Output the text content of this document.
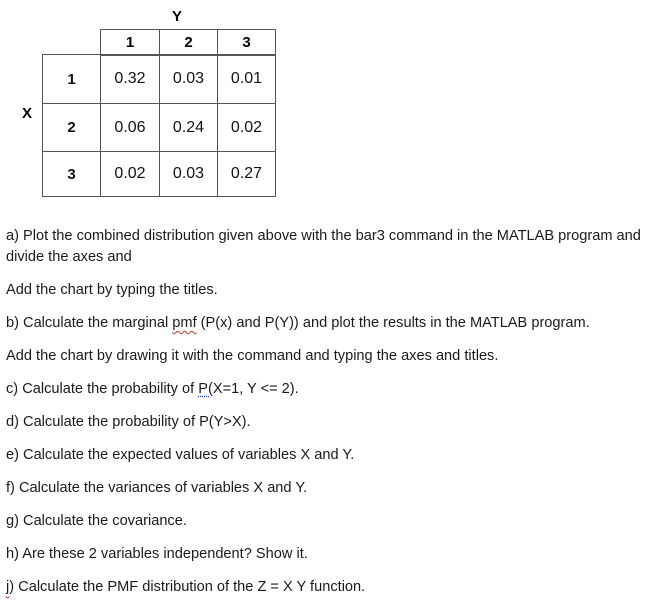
Y
X
1	2	3
1	0.32	0.03	0.01
2	0.06	0.24	0.02
3	0.02	0.03	0.27

a) Plot the combined distribution given above with the bar3 command in the MATLAB program and divide the axes and

Add the chart by typing the titles.

b) Calculate the marginal pmf (P(x) and P(Y)) and plot the results in the MATLAB program.

Add the chart by drawing it with the command and typing the axes and titles.

c) Calculate the probability of P(X=1, Y <= 2).

d) Calculate the probability of P(Y>X).

e) Calculate the expected values of variables X and Y.

f) Calculate the variances of variables X and Y.

g) Calculate the covariance.

h) Are these 2 variables independent? Show it.

j) Calculate the PMF distribution of the Z = X Y function.
